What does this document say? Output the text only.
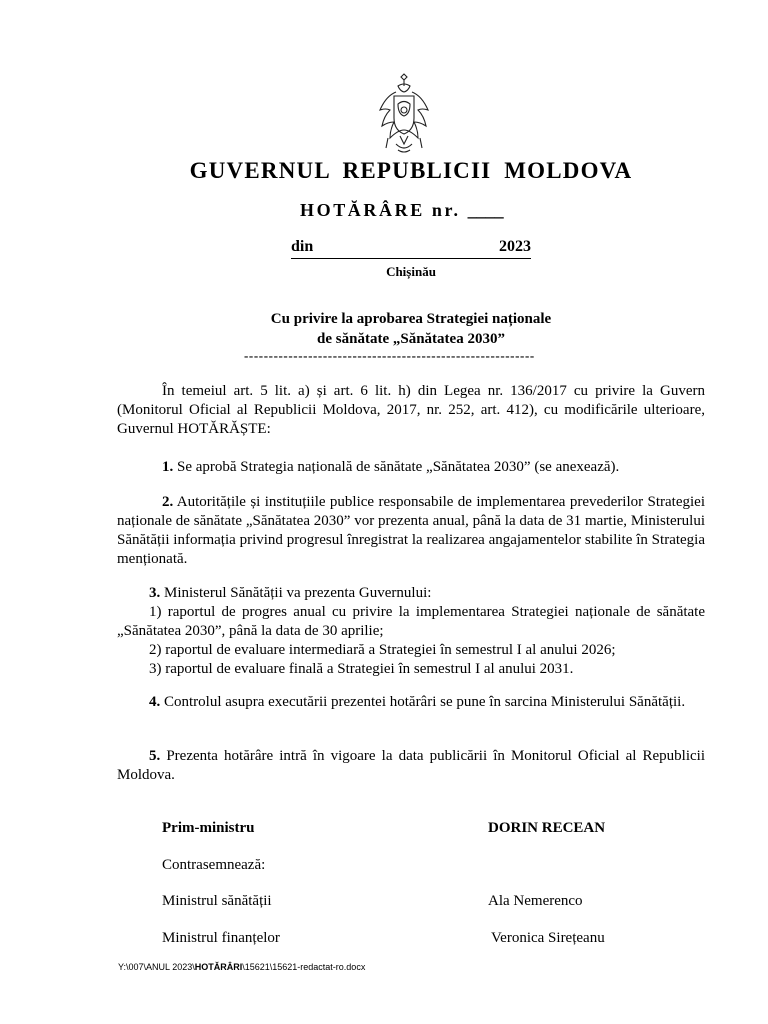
GUVERNUL REPUBLICII MOLDOVA
HOTĂRÂRE nr. ____
din	2023
Chișinău
Cu privire la aprobarea Strategiei naționale
de sănătate „Sănătatea 2030”
-----------------------------------------------------------

În temeiul art. 5 lit. a) și art. 6 lit. h) din Legea nr. 136/2017 cu privire la Guvern (Monitorul Oficial al Republicii Moldova, 2017, nr. 252, art. 412), cu modificările ulterioare, Guvernul HOTĂRĂȘTE:

1. Se aprobă Strategia națională de sănătate „Sănătatea 2030” (se anexează).

2. Autoritățile și instituțiile publice responsabile de implementarea prevederilor Strategiei naționale de sănătate „Sănătatea 2030” vor prezenta anual, până la data de 31 martie, Ministerului Sănătății informația privind progresul înregistrat la realizarea angajamentelor stabilite în Strategia menționată.

3. Ministerul Sănătății va prezenta Guvernului:

1) raportul de progres anual cu privire la implementarea Strategiei naționale de sănătate „Sănătatea 2030”, până la data de 30 aprilie;

2) raportul de evaluare intermediară a Strategiei în semestrul I al anului 2026;

3) raportul de evaluare finală a Strategiei în semestrul I al anului 2031.

4. Controlul asupra executării prezentei hotărâri se pune în sarcina Ministerului Sănătății.

5. Prezenta hotărâre intră în vigoare la data publicării în Monitorul Oficial al Republicii Moldova.

Prim-ministru	DORIN RECEAN
Contrasemnează:
Ministrul sănătății	Ala Nemerenco
Ministrul finanțelor	Veronica Sirețeanu
Y:\007\ANUL 2023\HOTĂRÂRI\15621\15621-redactat-ro.docx
